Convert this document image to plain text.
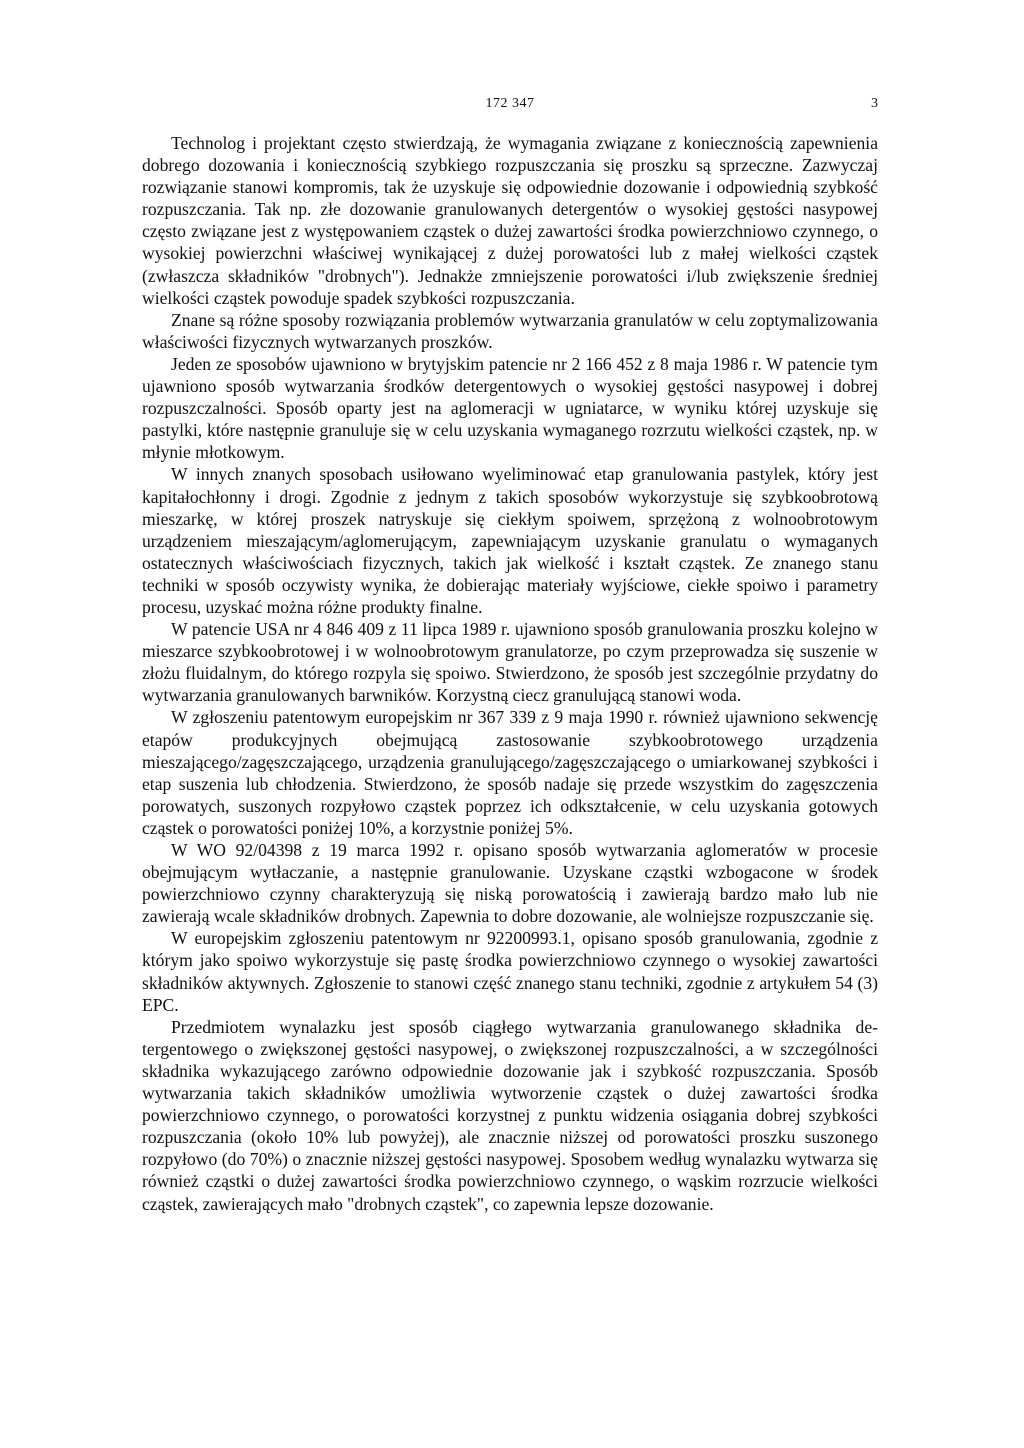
172 347	3

Technolog i projektant często stwierdzają, że wymagania związane z koniecznością zapewnienia dobrego dozowania i koniecznością szybkiego rozpuszczania się proszku są sprzeczne. Zazwyczaj rozwiązanie stanowi kompromis, tak że uzyskuje się odpowiednie dozowanie i odpowiednią szybkość rozpuszczania. Tak np. złe dozowanie granulowanych detergentów o wysokiej gęstości nasypowej często związane jest z występowaniem cząstek o dużej zawartości środka powierzchniowo czynnego, o wysokiej powierzchni właściwej wynikającej z dużej porowatości lub z małej wielkości cząstek (zwłaszcza składników "drobnych"). Jednakże zmniejszenie porowatości i/lub zwiększenie średniej wielkości cząstek powoduje spadek szybkości rozpuszczania.

Znane są różne sposoby rozwiązania problemów wytwarzania granulatów w celu zoptymalizowania właściwości fizycznych wytwarzanych proszków.

Jeden ze sposobów ujawniono w brytyjskim patencie nr 2 166 452 z 8 maja 1986 r. W patencie tym ujawniono sposób wytwarzania środków detergentowych o wysokiej gęstości nasypowej i dobrej rozpuszczalności. Sposób oparty jest na aglomeracji w ugniatarce, w wyniku której uzyskuje się pastylki, które następnie granuluje się w celu uzyskania wymaganego rozrzutu wielkości cząstek, np. w młynie młotkowym.

W innych znanych sposobach usiłowano wyeliminować etap granulowania pastylek, który jest kapitałochłonny i drogi. Zgodnie z jednym z takich sposobów wykorzystuje się szybkoobrotową mieszarkę, w której proszek natryskuje się ciekłym spoiwem, sprzężoną z wolnoobrotowym urządzeniem mieszającym/aglomerującym, zapewniającym uzyskanie granulatu o wymaganych ostatecznych właściwościach fizycznych, takich jak wielkość i kształt cząstek. Ze znanego stanu techniki w sposób oczywisty wynika, że dobierając materiały wyjściowe, ciekłe spoiwo i parametry procesu, uzyskać można różne produkty finalne.

W patencie USA nr 4 846 409 z 11 lipca 1989 r. ujawniono sposób granulowania proszku kolejno w mieszarce szybkoobrotowej i w wolnoobrotowym granulatorze, po czym przeprowadza się suszenie w złożu fluidalnym, do którego rozpyla się spoiwo. Stwierdzono, że sposób jest szczególnie przydatny do wytwarzania granulowanych barwników. Korzystną ciecz granulującą stanowi woda.

W zgłoszeniu patentowym europejskim nr 367 339 z 9 maja 1990 r. również ujawniono sekwencję etapów produkcyjnych obejmującą zastosowanie szybkoobrotowego urządzenia mieszającego/zagęszczającego, urządzenia granulującego/zagęszczającego o umiarkowanej szybkości i etap suszenia lub chłodzenia. Stwierdzono, że sposób nadaje się przede wszystkim do zagęszczenia porowatych, suszonych rozpyłowo cząstek poprzez ich odkształcenie, w celu uzyskania gotowych cząstek o porowatości poniżej 10%, a korzystnie poniżej 5%.

W WO 92/04398 z 19 marca 1992 r. opisano sposób wytwarzania aglomeratów w procesie obejmującym wytłaczanie, a następnie granulowanie. Uzyskane cząstki wzbogacone w środek powierzchniowo czynny charakteryzują się niską porowatością i zawierają bardzo mało lub nie zawierają wcale składników drobnych. Zapewnia to dobre dozowanie, ale wolniejsze rozpuszczanie się.

W europejskim zgłoszeniu patentowym nr 92200993.1, opisano sposób granulowania, zgodnie z którym jako spoiwo wykorzystuje się pastę środka powierzchniowo czynnego o wysokiej zawartości składników aktywnych. Zgłoszenie to stanowi część znanego stanu techniki, zgodnie z artykułem 54 (3) EPC.

Przedmiotem wynalazku jest sposób ciągłego wytwarzania granulowanego składnika detergentowego o zwiększonej gęstości nasypowej, o zwiększonej rozpuszczalności, a w szczególności składnika wykazującego zarówno odpowiednie dozowanie jak i szybkość rozpuszczania. Sposób wytwarzania takich składników umożliwia wytworzenie cząstek o dużej zawartości środka powierzchniowo czynnego, o porowatości korzystnej z punktu widzenia osiągania dobrej szybkości rozpuszczania (około 10% lub powyżej), ale znacznie niższej od porowatości proszku suszonego rozpyłowo (do 70%) o znacznie niższej gęstości nasypowej. Sposobem według wynalazku wytwarza się również cząstki o dużej zawartości środka powierzchniowo czynnego, o wąskim rozrzucie wielkości cząstek, zawierających mało "drobnych cząstek", co zapewnia lepsze dozowanie.
